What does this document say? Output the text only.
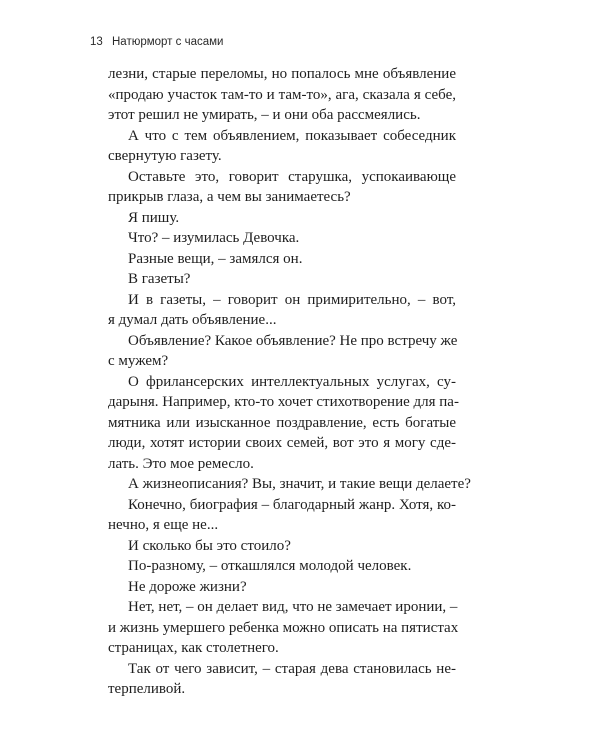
13 Натюрморт с часами
лезни, старые переломы, но попалось мне объявление
«продаю участок там-то и там-то», ага, сказала я себе,
этот решил не умирать, – и они оба рассмеялись.
А что с тем объявлением, показывает собеседник
свернутую газету.
Оставьте это, говорит старушка, успокаивающе
прикрыв глаза, а чем вы занимаетесь?
Я пишу.
Что? – изумилась Девочка.
Разные вещи, – замялся он.
В газеты?
И в газеты, – говорит он примирительно, – вот,
я думал дать объявление...
Объявление? Какое объявление? Не про встречу же
с мужем?
О фрилансерских интеллектуальных услугах, су-
дарыня. Например, кто-то хочет стихотворение для па-
мятника или изысканное поздравление, есть богатые
люди, хотят истории своих семей, вот это я могу сде-
лать. Это мое ремесло.
А жизнеописания? Вы, значит, и такие вещи делаете?
Конечно, биография – благодарный жанр. Хотя, ко-
нечно, я еще не...
И сколько бы это стоило?
По-разному, – откашлялся молодой человек.
Не дороже жизни?
Нет, нет, – он делает вид, что не замечает иронии, –
и жизнь умершего ребенка можно описать на пятистах
страницах, как столетнего.
Так от чего зависит, – старая дева становилась не-
терпеливой.
